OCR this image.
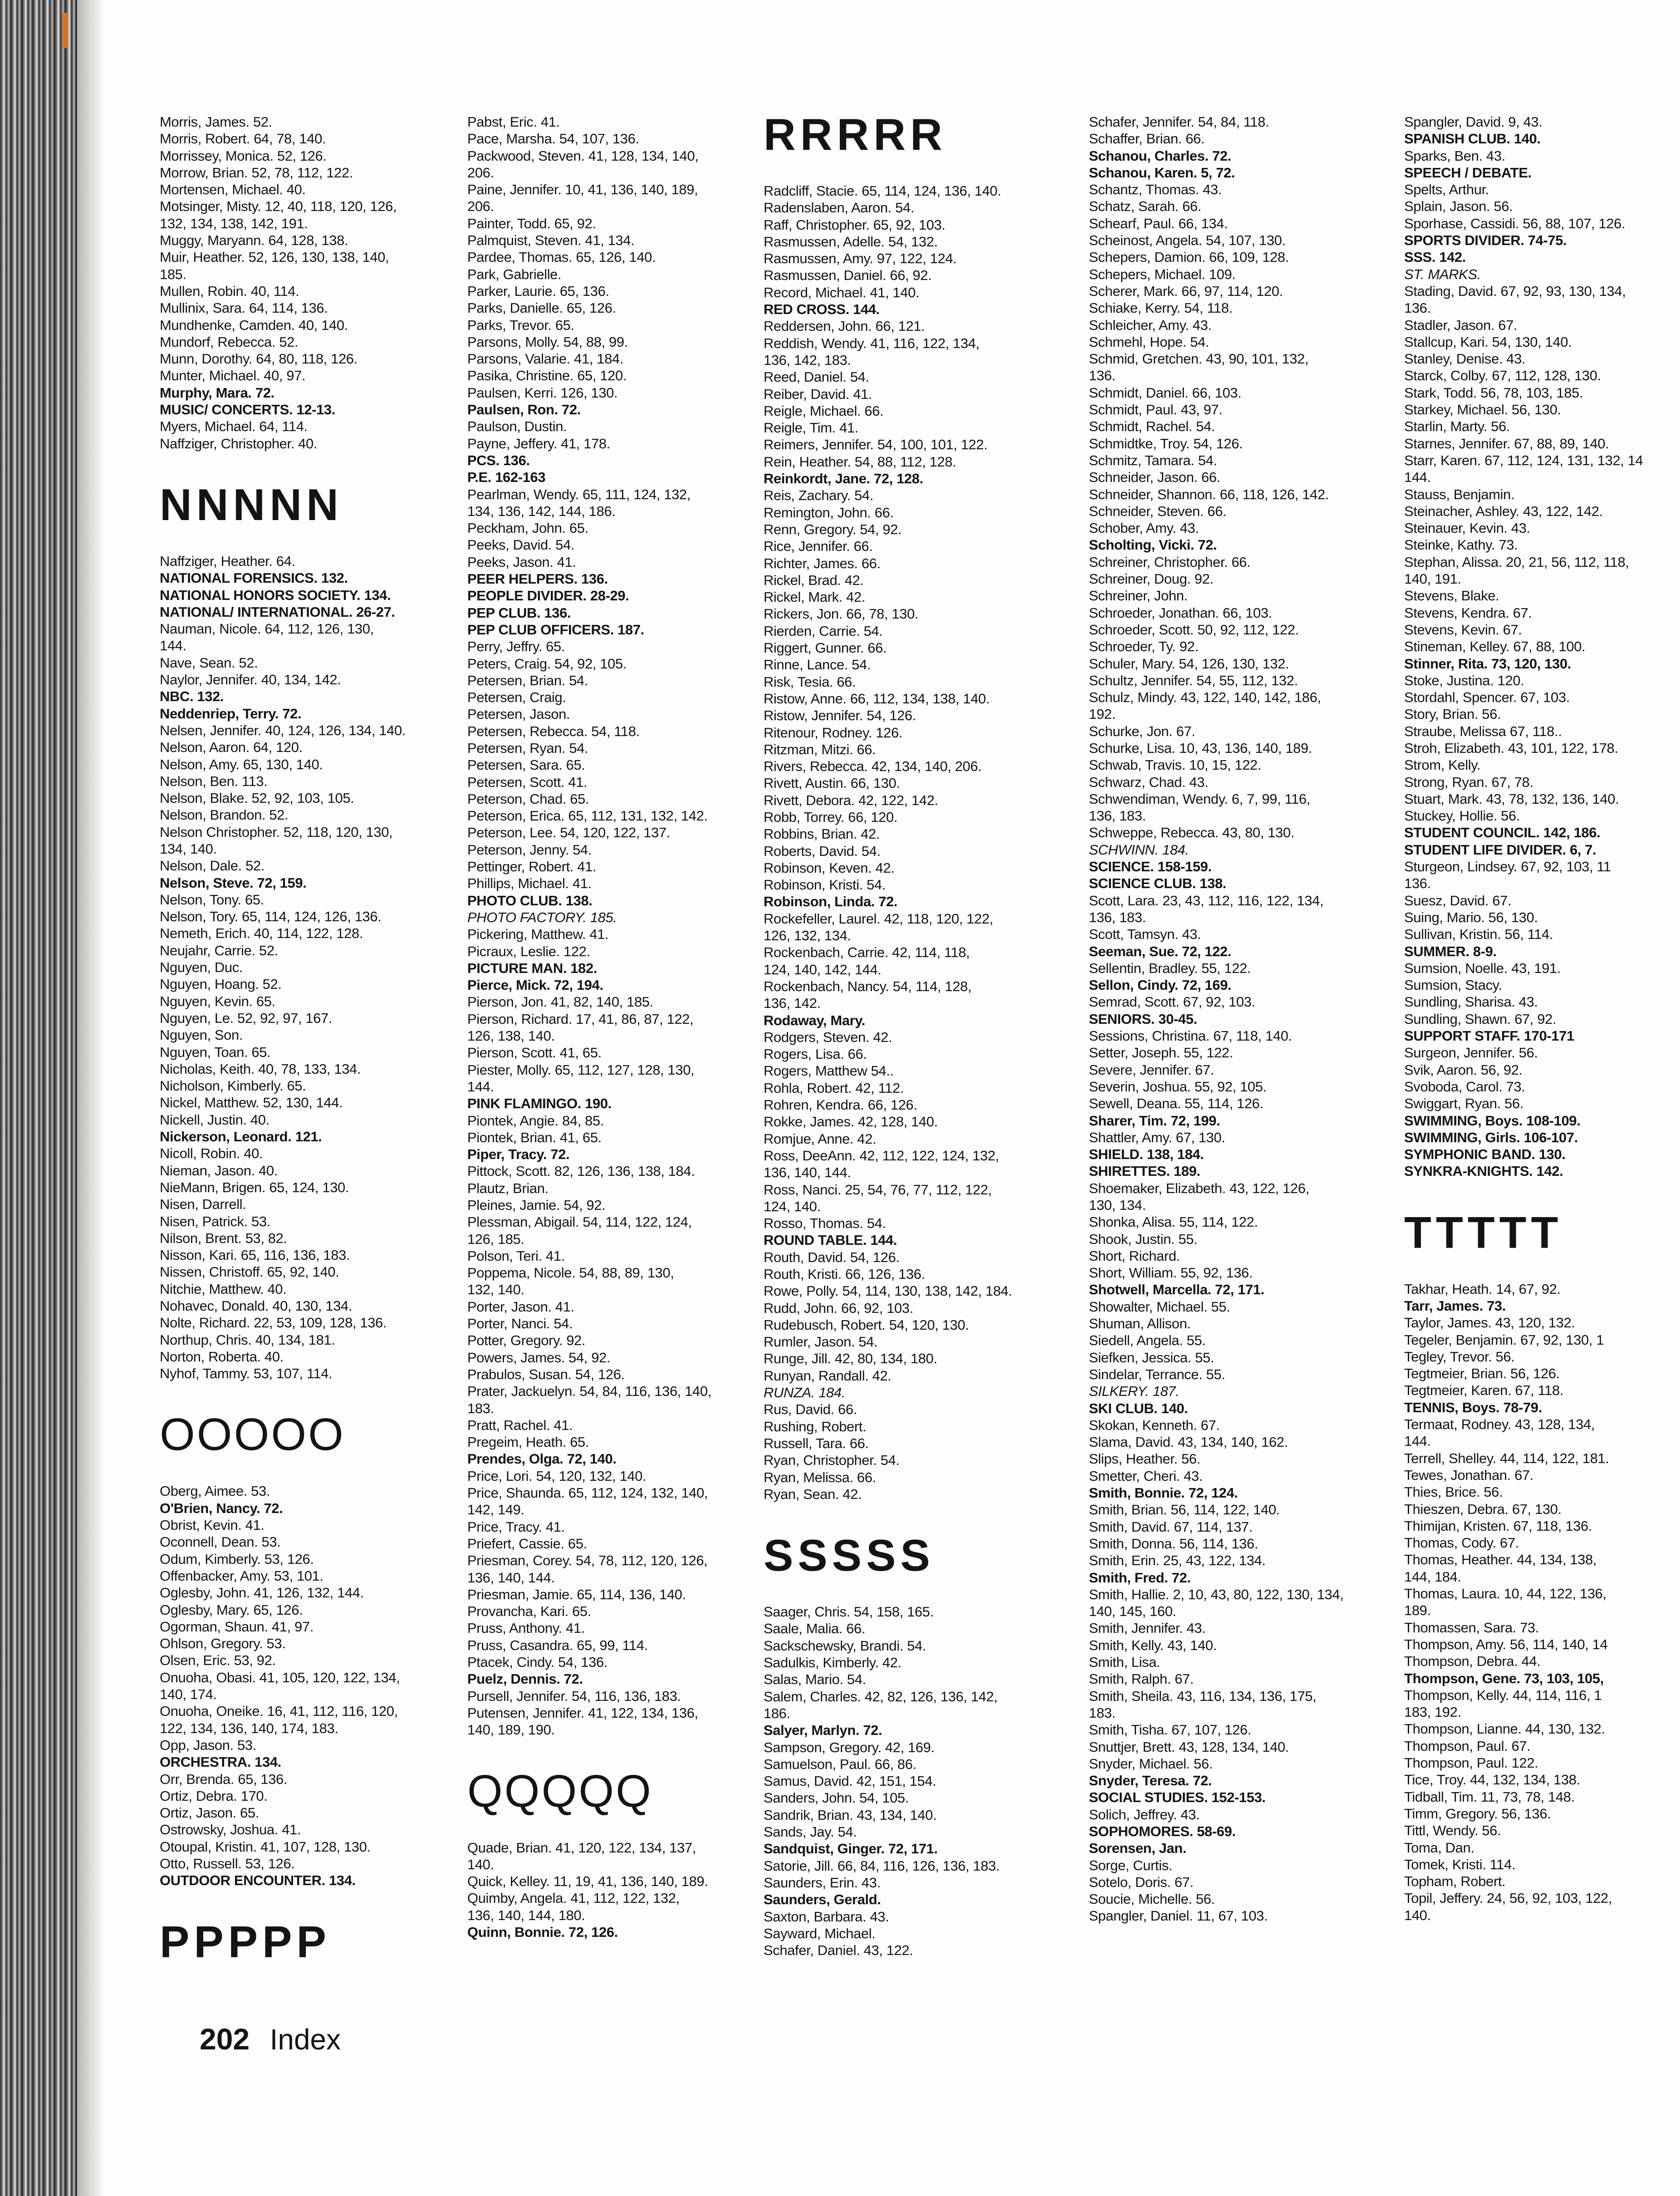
Morris, James. 52.
Morris, Robert. 64, 78, 140.
Morrissey, Monica. 52, 126.
Morrow, Brian. 52, 78, 112, 122.
Mortensen, Michael. 40.
Motsinger, Misty. 12, 40, 118, 120, 126,
132, 134, 138, 142, 191.
Muggy, Maryann. 64, 128, 138.
Muir, Heather. 52, 126, 130, 138, 140,
185.
Mullen, Robin. 40, 114.
Mullinix, Sara. 64, 114, 136.
Mundhenke, Camden. 40, 140.
Mundorf, Rebecca. 52.
Munn, Dorothy. 64, 80, 118, 126.
Munter, Michael. 40, 97.
Murphy, Mara. 72.
MUSIC/ CONCERTS. 12-13.
Myers, Michael. 64, 114.
Naffziger, Christopher. 40.
NNNNN
Naffziger, Heather. 64.
NATIONAL FORENSICS. 132.
NATIONAL HONORS SOCIETY. 134.
NATIONAL/ INTERNATIONAL. 26-27.
Nauman, Nicole. 64, 112, 126, 130,
144.
Nave, Sean. 52.
Naylor, Jennifer. 40, 134, 142.
NBC. 132.
Neddenriep, Terry. 72.
Nelsen, Jennifer. 40, 124, 126, 134, 140.
Nelson, Aaron. 64, 120.
Nelson, Amy. 65, 130, 140.
Nelson, Ben. 113.
Nelson, Blake. 52, 92, 103, 105.
Nelson, Brandon. 52.
Nelson Christopher. 52, 118, 120, 130,
134, 140.
Nelson, Dale. 52.
Nelson, Steve. 72, 159.
Nelson, Tony. 65.
Nelson, Tory. 65, 114, 124, 126, 136.
Nemeth, Erich. 40, 114, 122, 128.
Neujahr, Carrie. 52.
Nguyen, Duc.
Nguyen, Hoang. 52.
Nguyen, Kevin. 65.
Nguyen, Le. 52, 92, 97, 167.
Nguyen, Son.
Nguyen, Toan. 65.
Nicholas, Keith. 40, 78, 133, 134.
Nicholson, Kimberly. 65.
Nickel, Matthew. 52, 130, 144.
Nickell, Justin. 40.
Nickerson, Leonard. 121.
Nicoll, Robin. 40.
Nieman, Jason. 40.
NieMann, Brigen. 65, 124, 130.
Nisen, Darrell.
Nisen, Patrick. 53.
Nilson, Brent. 53, 82.
Nisson, Kari. 65, 116, 136, 183.
Nissen, Christoff. 65, 92, 140.
Nitchie, Matthew. 40.
Nohavec, Donald. 40, 130, 134.
Nolte, Richard. 22, 53, 109, 128, 136.
Northup, Chris. 40, 134, 181.
Norton, Roberta. 40.
Nyhof, Tammy. 53, 107, 114.
OOOOO
Oberg, Aimee. 53.
O'Brien, Nancy. 72.
Obrist, Kevin. 41.
Oconnell, Dean. 53.
Odum, Kimberly. 53, 126.
Offenbacker, Amy. 53, 101.
Oglesby, John. 41, 126, 132, 144.
Oglesby, Mary. 65, 126.
Ogorman, Shaun. 41, 97.
Ohlson, Gregory. 53.
Olsen, Eric. 53, 92.
Onuoha, Obasi. 41, 105, 120, 122, 134,
140, 174.
Onuoha, Oneike. 16, 41, 112, 116, 120,
122, 134, 136, 140, 174, 183.
Opp, Jason. 53.
ORCHESTRA. 134.
Orr, Brenda. 65, 136.
Ortiz, Debra. 170.
Ortiz, Jason. 65.
Ostrowsky, Joshua. 41.
Otoupal, Kristin. 41, 107, 128, 130.
Otto, Russell. 53, 126.
OUTDOOR ENCOUNTER. 134.
PPPPP
Pabst, Eric. 41.
Pace, Marsha. 54, 107, 136.
Packwood, Steven. 41, 128, 134, 140,
206.
Paine, Jennifer. 10, 41, 136, 140, 189,
206.
Painter, Todd. 65, 92.
Palmquist, Steven. 41, 134.
Pardee, Thomas. 65, 126, 140.
Park, Gabrielle.
Parker, Laurie. 65, 136.
Parks, Danielle. 65, 126.
Parks, Trevor. 65.
Parsons, Molly. 54, 88, 99.
Parsons, Valarie. 41, 184.
Pasika, Christine. 65, 120.
Paulsen, Kerri. 126, 130.
Paulsen, Ron. 72.
Paulson, Dustin.
Payne, Jeffery. 41, 178.
PCS. 136.
P.E. 162-163
Pearlman, Wendy. 65, 111, 124, 132,
134, 136, 142, 144, 186.
Peckham, John. 65.
Peeks, David. 54.
Peeks, Jason. 41.
PEER HELPERS. 136.
PEOPLE DIVIDER. 28-29.
PEP CLUB. 136.
PEP CLUB OFFICERS. 187.
Perry, Jeffry. 65.
Peters, Craig. 54, 92, 105.
Petersen, Brian. 54.
Petersen, Craig.
Petersen, Jason.
Petersen, Rebecca. 54, 118.
Petersen, Ryan. 54.
Petersen, Sara. 65.
Petersen, Scott. 41.
Peterson, Chad. 65.
Peterson, Erica. 65, 112, 131, 132, 142.
Peterson, Lee. 54, 120, 122, 137.
Peterson, Jenny. 54.
Pettinger, Robert. 41.
Phillips, Michael. 41.
PHOTO CLUB. 138.
PHOTO FACTORY. 185.
Pickering, Matthew. 41.
Picraux, Leslie. 122.
PICTURE MAN. 182.
Pierce, Mick. 72, 194.
Pierson, Jon. 41, 82, 140, 185.
Pierson, Richard. 17, 41, 86, 87, 122,
126, 138, 140.
Pierson, Scott. 41, 65.
Piester, Molly. 65, 112, 127, 128, 130,
144.
PINK FLAMINGO. 190.
Piontek, Angie. 84, 85.
Piontek, Brian. 41, 65.
Piper, Tracy. 72.
Pittock, Scott. 82, 126, 136, 138, 184.
Plautz, Brian.
Pleines, Jamie. 54, 92.
Plessman, Abigail. 54, 114, 122, 124,
126, 185.
Polson, Teri. 41.
Poppema, Nicole. 54, 88, 89, 130,
132, 140.
Porter, Jason. 41.
Porter, Nanci. 54.
Potter, Gregory. 92.
Powers, James. 54, 92.
Prabulos, Susan. 54, 126.
Prater, Jackuelyn. 54, 84, 116, 136, 140,
183.
Pratt, Rachel. 41.
Pregeim, Heath. 65.
Prendes, Olga. 72, 140.
Price, Lori. 54, 120, 132, 140.
Price, Shaunda. 65, 112, 124, 132, 140,
142, 149.
Price, Tracy. 41.
Priefert, Cassie. 65.
Priesman, Corey. 54, 78, 112, 120, 126,
136, 140, 144.
Priesman, Jamie. 65, 114, 136, 140.
Provancha, Kari. 65.
Pruss, Anthony. 41.
Pruss, Casandra. 65, 99, 114.
Ptacek, Cindy. 54, 136.
Puelz, Dennis. 72.
Pursell, Jennifer. 54, 116, 136, 183.
Putensen, Jennifer. 41, 122, 134, 136,
140, 189, 190.
QQQQQ
Quade, Brian. 41, 120, 122, 134, 137,
140.
Quick, Kelley. 11, 19, 41, 136, 140, 189.
Quimby, Angela. 41, 112, 122, 132,
136, 140, 144, 180.
Quinn, Bonnie. 72, 126.
RRRRR
Radcliff, Stacie. 65, 114, 124, 136, 140.
Radenslaben, Aaron. 54.
Raff, Christopher. 65, 92, 103.
Rasmussen, Adelle. 54, 132.
Rasmussen, Amy. 97, 122, 124.
Rasmussen, Daniel. 66, 92.
Record, Michael. 41, 140.
RED CROSS. 144.
Reddersen, John. 66, 121.
Reddish, Wendy. 41, 116, 122, 134,
136, 142, 183.
Reed, Daniel. 54.
Reiber, David. 41.
Reigle, Michael. 66.
Reigle, Tim. 41.
Reimers, Jennifer. 54, 100, 101, 122.
Rein, Heather. 54, 88, 112, 128.
Reinkordt, Jane. 72, 128.
Reis, Zachary. 54.
Remington, John. 66.
Renn, Gregory. 54, 92.
Rice, Jennifer. 66.
Richter, James. 66.
Rickel, Brad. 42.
Rickel, Mark. 42.
Rickers, Jon. 66, 78, 130.
Rierden, Carrie. 54.
Riggert, Gunner. 66.
Rinne, Lance. 54.
Risk, Tesia. 66.
Ristow, Anne. 66, 112, 134, 138, 140.
Ristow, Jennifer. 54, 126.
Ritenour, Rodney. 126.
Ritzman, Mitzi. 66.
Rivers, Rebecca. 42, 134, 140, 206.
Rivett, Austin. 66, 130.
Rivett, Debora. 42, 122, 142.
Robb, Torrey. 66, 120.
Robbins, Brian. 42.
Roberts, David. 54.
Robinson, Keven. 42.
Robinson, Kristi. 54.
Robinson, Linda. 72.
Rockefeller, Laurel. 42, 118, 120, 122,
126, 132, 134.
Rockenbach, Carrie. 42, 114, 118,
124, 140, 142, 144.
Rockenbach, Nancy. 54, 114, 128,
136, 142.
Rodaway, Mary.
Rodgers, Steven. 42.
Rogers, Lisa. 66.
Rogers, Matthew 54..
Rohla, Robert. 42, 112.
Rohren, Kendra. 66, 126.
Rokke, James. 42, 128, 140.
Romjue, Anne. 42.
Ross, DeeAnn. 42, 112, 122, 124, 132,
136, 140, 144.
Ross, Nanci. 25, 54, 76, 77, 112, 122,
124, 140.
Rosso, Thomas. 54.
ROUND TABLE. 144.
Routh, David. 54, 126.
Routh, Kristi. 66, 126, 136.
Rowe, Polly. 54, 114, 130, 138, 142, 184.
Rudd, John. 66, 92, 103.
Rudebusch, Robert. 54, 120, 130.
Rumler, Jason. 54.
Runge, Jill. 42, 80, 134, 180.
Runyan, Randall. 42.
RUNZA. 184.
Rus, David. 66.
Rushing, Robert.
Russell, Tara. 66.
Ryan, Christopher. 54.
Ryan, Melissa. 66.
Ryan, Sean. 42.
SSSSS
Saager, Chris. 54, 158, 165.
Saale, Malia. 66.
Sackschewsky, Brandi. 54.
Sadulkis, Kimberly. 42.
Salas, Mario. 54.
Salem, Charles. 42, 82, 126, 136, 142,
186.
Salyer, Marlyn. 72.
Sampson, Gregory. 42, 169.
Samuelson, Paul. 66, 86.
Samus, David. 42, 151, 154.
Sanders, John. 54, 105.
Sandrik, Brian. 43, 134, 140.
Sands, Jay. 54.
Sandquist, Ginger. 72, 171.
Satorie, Jill. 66, 84, 116, 126, 136, 183.
Saunders, Erin. 43.
Saunders, Gerald.
Saxton, Barbara. 43.
Sayward, Michael.
Schafer, Daniel. 43, 122.
Schafer, Jennifer. 54, 84, 118.
Schaffer, Brian. 66.
Schanou, Charles. 72.
Schanou, Karen. 5, 72.
Schantz, Thomas. 43.
Schatz, Sarah. 66.
Schearf, Paul. 66, 134.
Scheinost, Angela. 54, 107, 130.
Schepers, Damion. 66, 109, 128.
Schepers, Michael. 109.
Scherer, Mark. 66, 97, 114, 120.
Schiake, Kerry. 54, 118.
Schleicher, Amy. 43.
Schmehl, Hope. 54.
Schmid, Gretchen. 43, 90, 101, 132,
136.
Schmidt, Daniel. 66, 103.
Schmidt, Paul. 43, 97.
Schmidt, Rachel. 54.
Schmidtke, Troy. 54, 126.
Schmitz, Tamara. 54.
Schneider, Jason. 66.
Schneider, Shannon. 66, 118, 126, 142.
Schneider, Steven. 66.
Schober, Amy. 43.
Scholting, Vicki. 72.
Schreiner, Christopher. 66.
Schreiner, Doug. 92.
Schreiner, John.
Schroeder, Jonathan. 66, 103.
Schroeder, Scott. 50, 92, 112, 122.
Schroeder, Ty. 92.
Schuler, Mary. 54, 126, 130, 132.
Schultz, Jennifer. 54, 55, 112, 132.
Schulz, Mindy. 43, 122, 140, 142, 186,
192.
Schurke, Jon. 67.
Schurke, Lisa. 10, 43, 136, 140, 189.
Schwab, Travis. 10, 15, 122.
Schwarz, Chad. 43.
Schwendiman, Wendy. 6, 7, 99, 116,
136, 183.
Schweppe, Rebecca. 43, 80, 130.
SCHWINN. 184.
SCIENCE. 158-159.
SCIENCE CLUB. 138.
Scott, Lara. 23, 43, 112, 116, 122, 134,
136, 183.
Scott, Tamsyn. 43.
Seeman, Sue. 72, 122.
Sellentin, Bradley. 55, 122.
Sellon, Cindy. 72, 169.
Semrad, Scott. 67, 92, 103.
SENIORS. 30-45.
Sessions, Christina. 67, 118, 140.
Setter, Joseph. 55, 122.
Severe, Jennifer. 67.
Severin, Joshua. 55, 92, 105.
Sewell, Deana. 55, 114, 126.
Sharer, Tim. 72, 199.
Shattler, Amy. 67, 130.
SHIELD. 138, 184.
SHIRETTES. 189.
Shoemaker, Elizabeth. 43, 122, 126,
130, 134.
Shonka, Alisa. 55, 114, 122.
Shook, Justin. 55.
Short, Richard.
Short, William. 55, 92, 136.
Shotwell, Marcella. 72, 171.
Showalter, Michael. 55.
Shuman, Allison.
Siedell, Angela. 55.
Siefken, Jessica. 55.
Sindelar, Terrance. 55.
SILKERY. 187.
SKI CLUB. 140.
Skokan, Kenneth. 67.
Slama, David. 43, 134, 140, 162.
Slips, Heather. 56.
Smetter, Cheri. 43.
Smith, Bonnie. 72, 124.
Smith, Brian. 56, 114, 122, 140.
Smith, David. 67, 114, 137.
Smith, Donna. 56, 114, 136.
Smith, Erin. 25, 43, 122, 134.
Smith, Fred. 72.
Smith, Hallie. 2, 10, 43, 80, 122, 130, 134,
140, 145, 160.
Smith, Jennifer. 43.
Smith, Kelly. 43, 140.
Smith, Lisa.
Smith, Ralph. 67.
Smith, Sheila. 43, 116, 134, 136, 175,
183.
Smith, Tisha. 67, 107, 126.
Snuttjer, Brett. 43, 128, 134, 140.
Snyder, Michael. 56.
Snyder, Teresa. 72.
SOCIAL STUDIES. 152-153.
Solich, Jeffrey. 43.
SOPHOMORES. 58-69.
Sorensen, Jan.
Sorge, Curtis.
Sotelo, Doris. 67.
Soucie, Michelle. 56.
Spangler, Daniel. 11, 67, 103.
Spangler, David. 9, 43.
SPANISH CLUB. 140.
Sparks, Ben. 43.
SPEECH / DEBATE.
Spelts, Arthur.
Splain, Jason. 56.
Sporhase, Cassidi. 56, 88, 107, 126.
SPORTS DIVIDER. 74-75.
SSS. 142.
ST. MARKS.
Stading, David. 67, 92, 93, 130, 134,
136.
Stadler, Jason. 67.
Stallcup, Kari. 54, 130, 140.
Stanley, Denise. 43.
Starck, Colby. 67, 112, 128, 130.
Stark, Todd. 56, 78, 103, 185.
Starkey, Michael. 56, 130.
Starlin, Marty. 56.
Starnes, Jennifer. 67, 88, 89, 140.
Starr, Karen. 67, 112, 124, 131, 132, 14
144.
Stauss, Benjamin.
Steinacher, Ashley. 43, 122, 142.
Steinauer, Kevin. 43.
Steinke, Kathy. 73.
Stephan, Alissa. 20, 21, 56, 112, 118,
140, 191.
Stevens, Blake.
Stevens, Kendra. 67.
Stevens, Kevin. 67.
Stineman, Kelley. 67, 88, 100.
Stinner, Rita. 73, 120, 130.
Stoke, Justina. 120.
Stordahl, Spencer. 67, 103.
Story, Brian. 56.
Straube, Melissa 67, 118..
Stroh, Elizabeth. 43, 101, 122, 178.
Strom, Kelly.
Strong, Ryan. 67, 78.
Stuart, Mark. 43, 78, 132, 136, 140.
Stuckey, Hollie. 56.
STUDENT COUNCIL. 142, 186.
STUDENT LIFE DIVIDER. 6, 7.
Sturgeon, Lindsey. 67, 92, 103, 11
136.
Suesz, David. 67.
Suing, Mario. 56, 130.
Sullivan, Kristin. 56, 114.
SUMMER. 8-9.
Sumsion, Noelle. 43, 191.
Sumsion, Stacy.
Sundling, Sharisa. 43.
Sundling, Shawn. 67, 92.
SUPPORT STAFF. 170-171
Surgeon, Jennifer. 56.
Svik, Aaron. 56, 92.
Svoboda, Carol. 73.
Swiggart, Ryan. 56.
SWIMMING, Boys. 108-109.
SWIMMING, Girls. 106-107.
SYMPHONIC BAND. 130.
SYNKRA-KNIGHTS. 142.
TTTTT
Takhar, Heath. 14, 67, 92.
Tarr, James. 73.
Taylor, James. 43, 120, 132.
Tegeler, Benjamin. 67, 92, 130, 1
Tegley, Trevor. 56.
Tegtmeier, Brian. 56, 126.
Tegtmeier, Karen. 67, 118.
TENNIS, Boys. 78-79.
Termaat, Rodney. 43, 128, 134,
144.
Terrell, Shelley. 44, 114, 122, 181.
Tewes, Jonathan. 67.
Thies, Brice. 56.
Thieszen, Debra. 67, 130.
Thimijan, Kristen. 67, 118, 136.
Thomas, Cody. 67.
Thomas, Heather. 44, 134, 138,
144, 184.
Thomas, Laura. 10, 44, 122, 136,
189.
Thomassen, Sara. 73.
Thompson, Amy. 56, 114, 140, 14
Thompson, Debra. 44.
Thompson, Gene. 73, 103, 105,
Thompson, Kelly. 44, 114, 116, 1
183, 192.
Thompson, Lianne. 44, 130, 132.
Thompson, Paul. 67.
Thompson, Paul. 122.
Tice, Troy. 44, 132, 134, 138.
Tidball, Tim. 11, 73, 78, 148.
Timm, Gregory. 56, 136.
Tittl, Wendy. 56.
Toma, Dan.
Tomek, Kristi. 114.
Topham, Robert.
Topil, Jeffery. 24, 56, 92, 103, 122,
140.
202 Index
